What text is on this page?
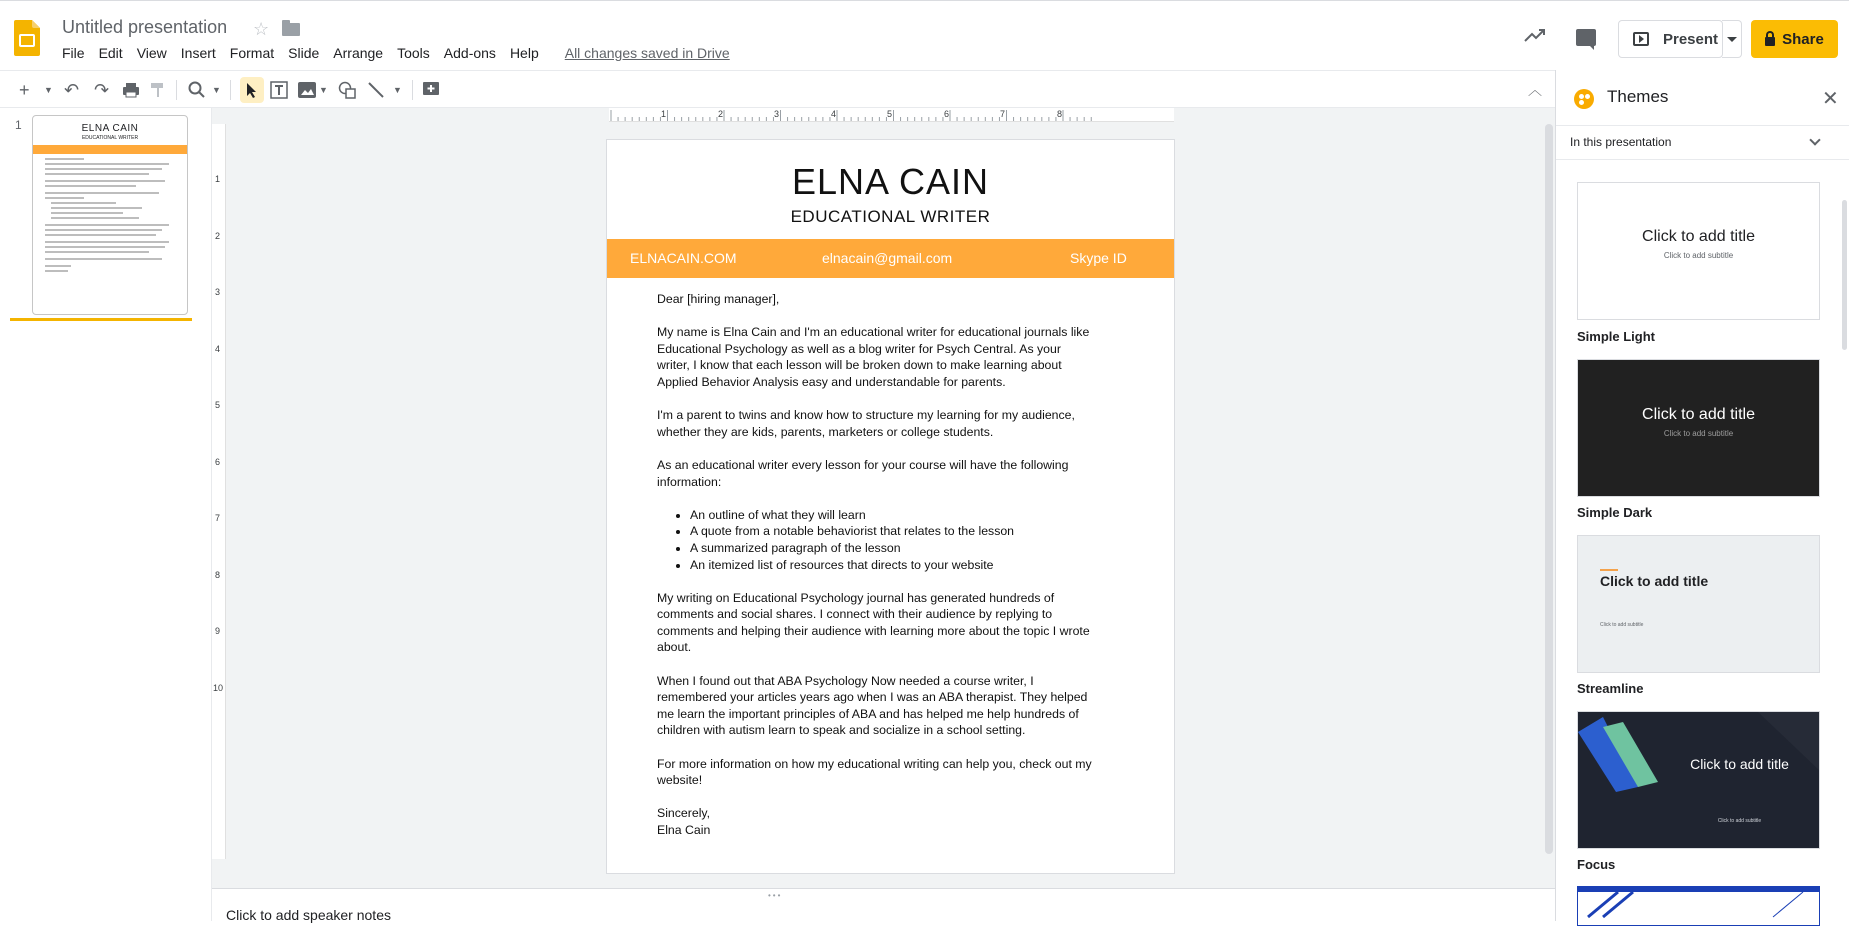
Untitled presentation ☆
File Edit View Insert Format Slide Arrange Tools Add-ons Help All changes saved in Drive
Present	Share
+ ▼ ↶ ↷	▼	▼	▼	︿
1	ELNA CAIN
EDUCATIONAL WRITER
1	2	3	4	5	6	7	8
1
2
3
4
5
6
7
8
9
10
ELNA CAIN
EDUCATIONAL WRITER
ELNACAIN.COM	elnacain@gmail.com	Skype ID

Dear [hiring manager],

My name is Elna Cain and I'm an educational writer for educational journals like Educational Psychology as well as a blog writer for Psych Central. As your writer, I know that each lesson will be broken down to make learning about Applied Behavior Analysis easy and understandable for parents.

I'm a parent to twins and know how to structure my learning for my audience, whether they are kids, parents, marketers or college students.

As an educational writer every lesson for your course will have the following information:

• An outline of what they will learn
• A quote from a notable behaviorist that relates to the lesson
• A summarized paragraph of the lesson
• An itemized list of resources that directs to your website

My writing on Educational Psychology journal has generated hundreds of comments and social shares. I connect with their audience by replying to comments and helping their audience with learning more about the topic I wrote about.

When I found out that ABA Psychology Now needed a course writer, I remembered your articles years ago when I was an ABA therapist. They helped me learn the important principles of ABA and has helped me help hundreds of children with autism learn to speak and socialize in a school setting.

For more information on how my educational writing can help you, check out my website!

Sincerely,
Elna Cain
•••
Click to add speaker notes
Themes	✕
In this presentation
Click to add title
Click to add subtitle
Simple Light
Click to add title
Click to add subtitle
Simple Dark
Click to add title
Click to add subtitle
Streamline
Click to add title
Click to add subtitle
Focus
